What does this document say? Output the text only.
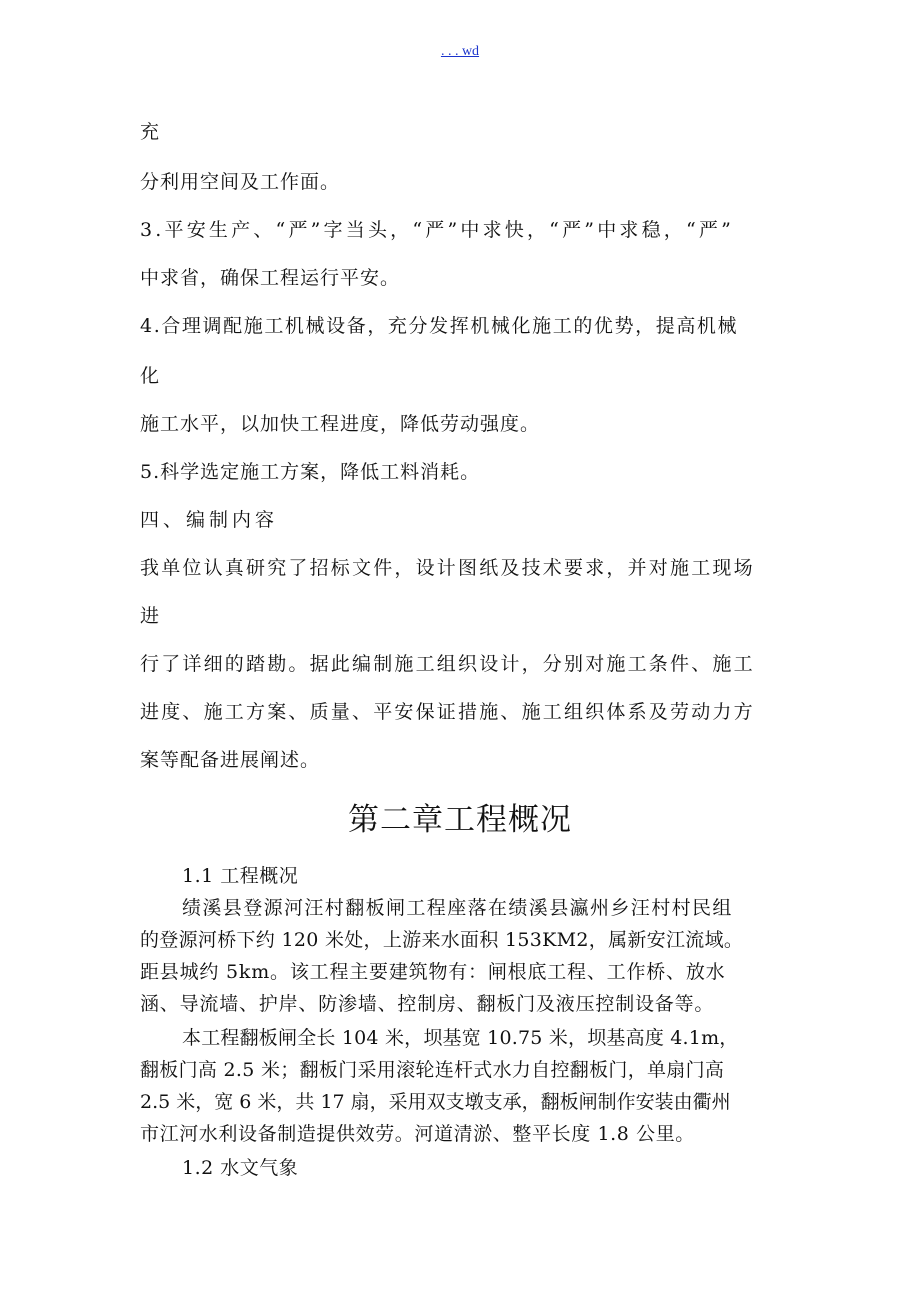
. . . wd
充
分利用空间及工作面。
3.平安生产、“严”字当头，“严”中求快，“严”中求稳，“严”
中求省，确保工程运行平安。
4.合理调配施工机械设备，充分发挥机械化施工的优势，提高机械
化
施工水平，以加快工程进度，降低劳动强度。
5.科学选定施工方案，降低工料消耗。
四、编制内容
我单位认真研究了招标文件，设计图纸及技术要求，并对施工现场
进
行了详细的踏勘。据此编制施工组织设计，分别对施工条件、施工
进度、施工方案、质量、平安保证措施、施工组织体系及劳动力方
案等配备进展阐述。
第二章工程概况
1.1 工程概况
绩溪县登源河汪村翻板闸工程座落在绩溪县瀛州乡汪村村民组
的登源河桥下约 120 米处，上游来水面积 153KM2，属新安江流域。
距县城约 5km。该工程主要建筑物有：闸根底工程、工作桥、放水
涵、导流墙、护岸、防渗墙、控制房、翻板门及液压控制设备等。
本工程翻板闸全长 104 米，坝基宽 10.75 米，坝基高度 4.1m，
翻板门高 2.5 米；翻板门采用滚轮连杆式水力自控翻板门，单扇门高
2.5 米，宽 6 米，共 17 扇，采用双支墩支承，翻板闸制作安装由衢州
市江河水利设备制造提供效劳。河道清淤、整平长度 1.8 公里。
1.2 水文气象
